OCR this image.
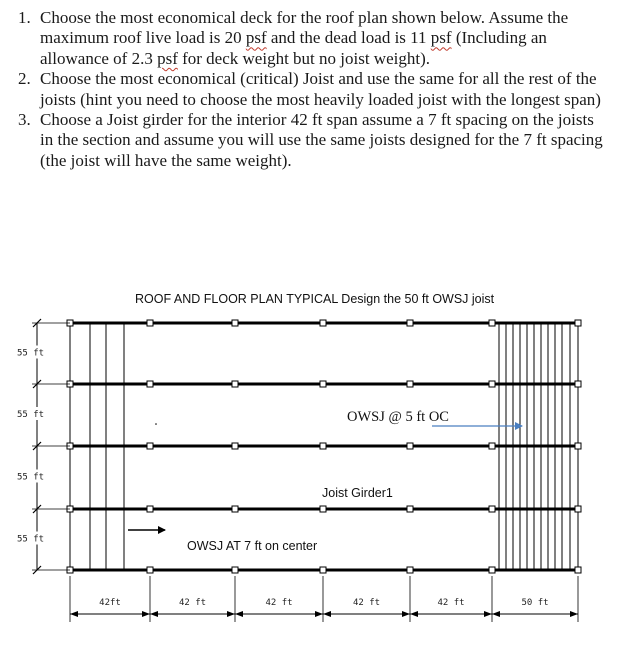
1. Choose the most economical deck for the roof plan shown below. Assume the maximum roof live load is 20 psf and the dead load is 11 psf (Including an allowance of 2.3 psf for deck weight but no joist weight).
2. Choose the most economical (critical) Joist and use the same for all the rest of the joists (hint you need to choose the most heavily loaded joist with the longest span)
3. Choose a Joist girder for the interior 42 ft span assume a 7 ft spacing on the joists in the section and assume you will use the same joists designed for the 7 ft spacing (the joist will have the same weight).
ROOF AND FLOOR PLAN TYPICAL Design the 50 ft OWSJ joist
55 ft
55 ft
55 ft
55 ft
42ft	42 ft	42 ft	42 ft	42 ft	50 ft
OWSJ @ 5 ft OC
Joist Girder1
OWSJ AT 7 ft on center
